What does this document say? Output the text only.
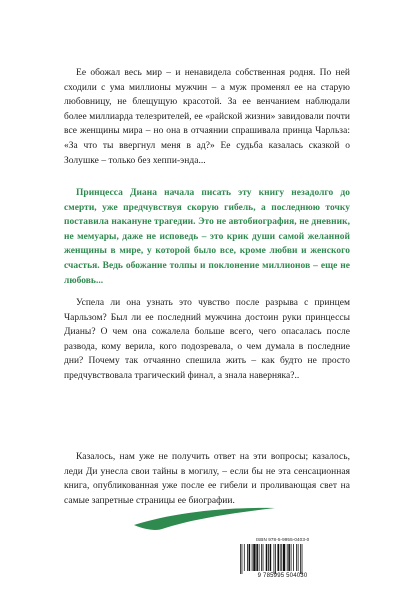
Ее обожал весь мир – и ненавидела собственная родня. По ней сходили с ума миллионы мужчин – а муж променял ее на старую любовницу, не блещущую красотой. За ее венчанием наблюдали более миллиарда телезрителей, ее «райской жизни» завидовали почти все женщины мира – но она в отчаянии спрашивала принца Чарльза: «За что ты ввергнул меня в ад?» Ее судьба казалась сказкой о Золушке – только без хеппи-энда...

Принцесса Диана начала писать эту книгу незадолго до смерти, уже предчувствуя скорую гибель, а последнюю точку поставила накануне трагедии. Это не автобиография, не дневник, не мемуары, даже не исповедь – это крик души самой желанной женщины в мире, у которой было все, кроме любви и женского счастья. Ведь обожание толпы и поклонение миллионов – еще не любовь...

Успела ли она узнать это чувство после разрыва с принцем Чарльзом? Был ли ее последний мужчина достоин руки принцессы Дианы? О чем она сожалела больше всего, чего опасалась после развода, кому верила, кого подозревала, о чем думала в последние дни? Почему так отчаянно спешила жить – как будто не просто предчувствовала трагический финал, а знала наверняка?..

Казалось, нам уже не получить ответ на эти вопросы; казалось, леди Ди унесла свои тайны в могилу, – если бы не эта сенсационная книга, опубликованная уже после ее гибели и проливающая свет на самые запретные страницы ее биографии.

ISBN 978-5-9955-0403-0
9 785995 504030
